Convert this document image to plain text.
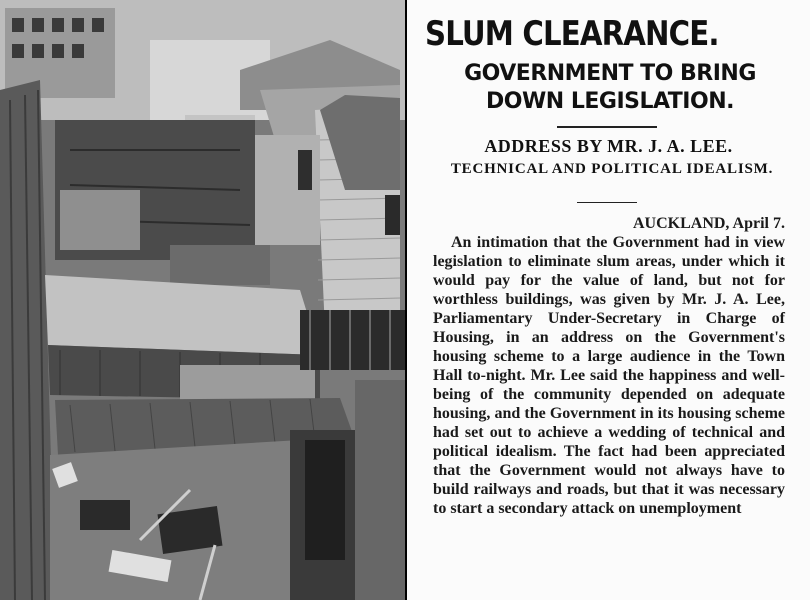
SLUM CLEARANCE.
GOVERNMENT TO BRING DOWN LEGISLATION.
ADDRESS BY MR. J. A. LEE.
TECHNICAL AND POLITICAL IDEALISM.
AUCKLAND, April 7.

An intimation that the Government had in view legislation to eliminate slum areas, under which it would pay for the value of land, but not for worthless buildings, was given by Mr. J. A. Lee, Parliamentary Under-Secretary in Charge of Housing, in an address on the Government's housing scheme to a large audience in the Town Hall to-night. Mr. Lee said the happiness and well-being of the community depended on adequate housing, and the Government in its housing scheme had set out to achieve a wedding of technical and political idealism. The fact had been appreciated that the Government would not always have to build railways and roads, but that it was necessary to start a secondary attack on unemployment
